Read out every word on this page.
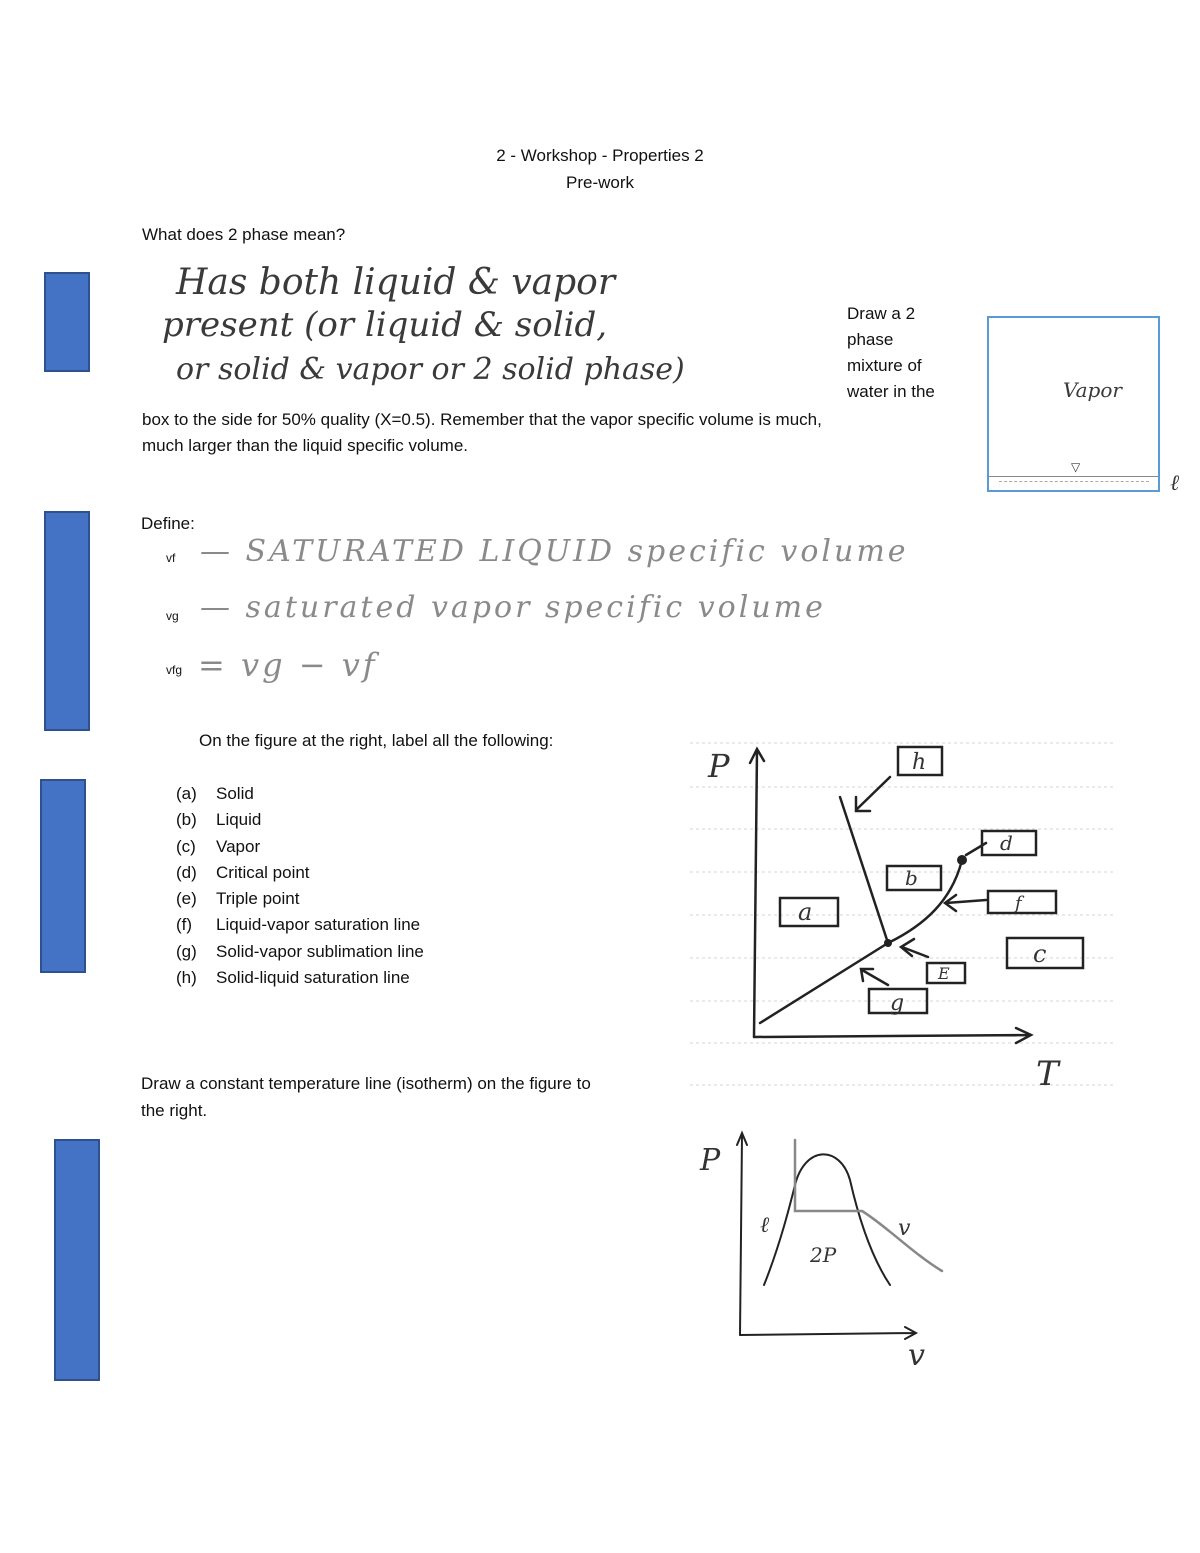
2 - Workshop - Properties 2
Pre-work
What does 2 phase mean?
Has both liquid & vapor
present (or liquid & solid,
or solid & vapor or 2 solid phase)
Draw a 2
phase
mixture of
water in the
box to the side for 50% quality (X=0.5). Remember that the vapor specific volume is much,
much larger than the liquid specific volume.
Vapor
▽
ℓ
Define:
vf — SATURATED LIQUID specific volume
vg — saturated vapor specific volume
vfg = vg − vf
On the figure at the right, label all the following:
(a)	Solid
(b)	Liquid
(c)	Vapor
(d)	Critical point
(e)	Triple point
(f)	Liquid-vapor saturation line
(g)	Solid-vapor sublimation line
(h)	Solid-liquid saturation line
P
T
a
b
c
d
E
f
g
h
Draw a constant temperature line (isotherm) on the figure to
the right.
P
v
ℓ	v
2P
